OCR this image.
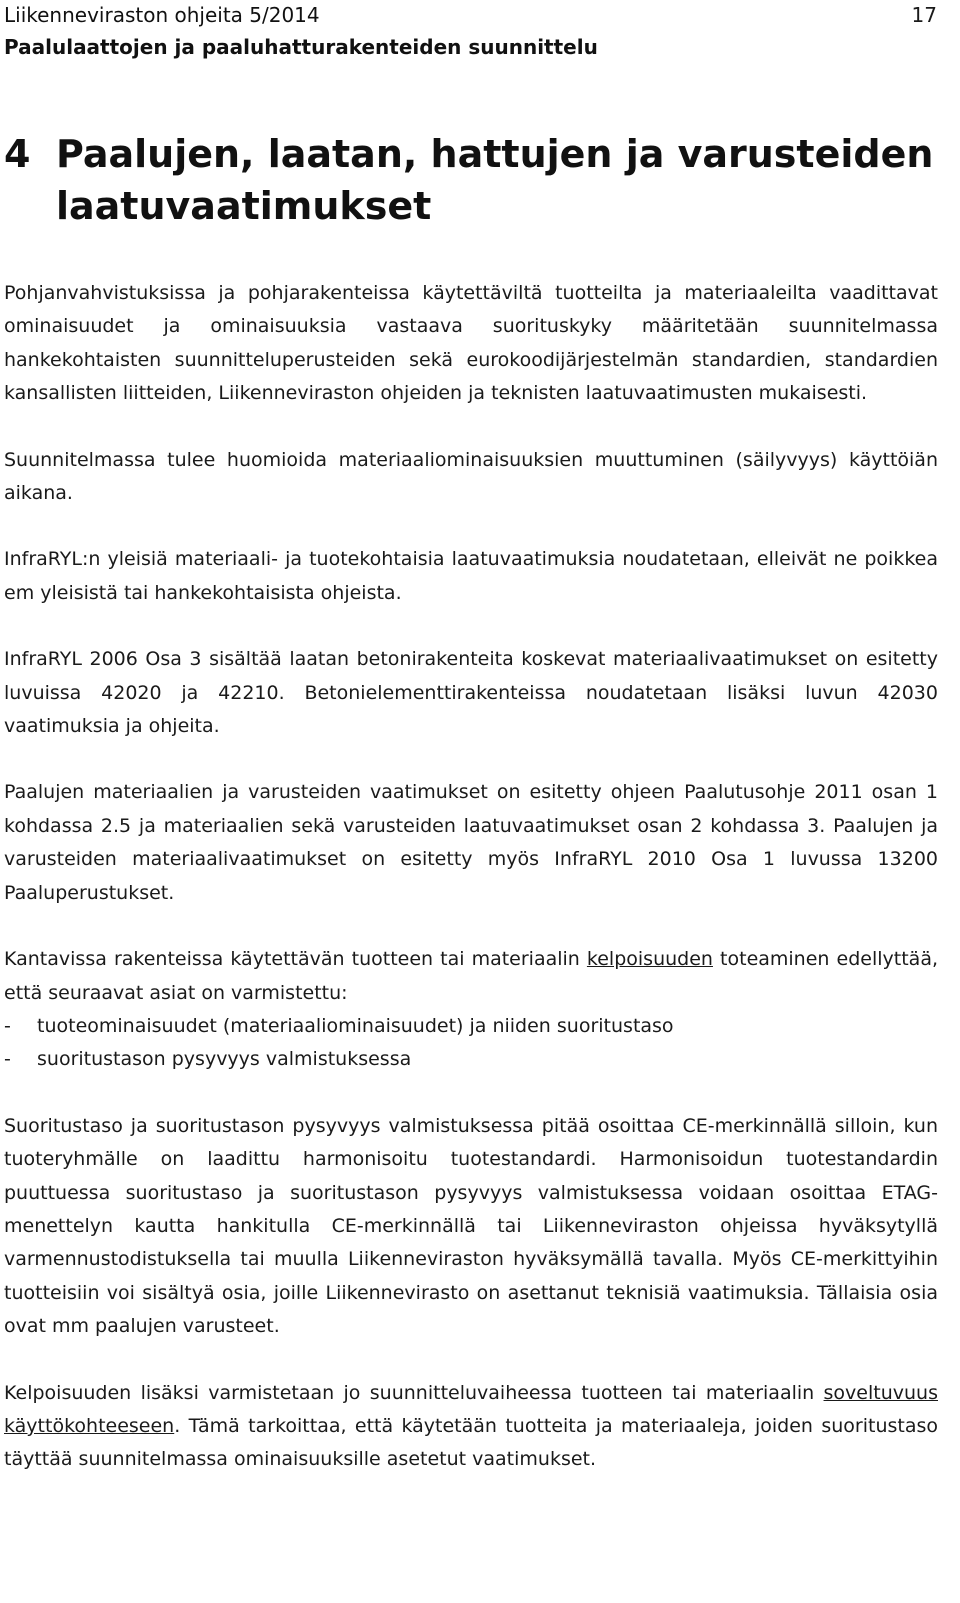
Liikenneviraston ohjeita 5/2014
Paalulaattojen ja paaluhatturakenteiden suunnittelu
17
4 Paalujen, laatan, hattujen ja varusteiden laatuvaatimukset

Pohjanvahvistuksissa ja pohjarakenteissa käytettäviltä tuotteilta ja materiaaleilta vaadittavat ominaisuudet ja ominaisuuksia vastaava suorituskyky määritetään suunnitelmassa hankekohtaisten suunnitteluperusteiden sekä eurokoodijärjestelmän standardien, standardien kansallisten liitteiden, Liikenneviraston ohjeiden ja teknisten laatuvaatimusten mukaisesti.

Suunnitelmassa tulee huomioida materiaaliominaisuuksien muuttuminen (säilyvyys) käyttöiän aikana.

InfraRYL:n yleisiä materiaali- ja tuotekohtaisia laatuvaatimuksia noudatetaan, elleivät ne poikkea em yleisistä tai hankekohtaisista ohjeista.

InfraRYL 2006 Osa 3 sisältää laatan betonirakenteita koskevat materiaalivaatimukset on esitetty luvuissa 42020 ja 42210. Betonielementtirakenteissa noudatetaan lisäksi luvun 42030 vaatimuksia ja ohjeita.

Paalujen materiaalien ja varusteiden vaatimukset on esitetty ohjeen Paalutusohje 2011 osan 1 kohdassa 2.5 ja materiaalien sekä varusteiden laatuvaatimukset osan 2 kohdassa 3. Paalujen ja varusteiden materiaalivaatimukset on esitetty myös InfraRYL 2010 Osa 1 luvussa 13200 Paaluperustukset.

Kantavissa rakenteissa käytettävän tuotteen tai materiaalin kelpoisuuden toteaminen edellyttää, että seuraavat asiat on varmistettu:

-	tuoteominaisuudet (materiaaliominaisuudet) ja niiden suoritustaso
-	suoritustason pysyvyys valmistuksessa

Suoritustaso ja suoritustason pysyvyys valmistuksessa pitää osoittaa CE-merkinnällä silloin, kun tuoteryhmälle on laadittu harmonisoitu tuotestandardi. Harmonisoidun tuotestandardin puuttuessa suoritustaso ja suoritustason pysyvyys valmistuksessa voidaan osoittaa ETAG-menettelyn kautta hankitulla CE-merkinnällä tai Liikenneviraston ohjeissa hyväksytyllä varmennustodistuksella tai muulla Liikenneviraston hyväksymällä tavalla. Myös CE-merkittyihin tuotteisiin voi sisältyä osia, joille Liikennevirasto on asettanut teknisiä vaatimuksia. Tällaisia osia ovat mm paalujen varusteet.

Kelpoisuuden lisäksi varmistetaan jo suunnitteluvaiheessa tuotteen tai materiaalin soveltuvuus käyttökohteeseen. Tämä tarkoittaa, että käytetään tuotteita ja materiaaleja, joiden suoritustaso täyttää suunnitelmassa ominaisuuksille asetetut vaatimukset.
